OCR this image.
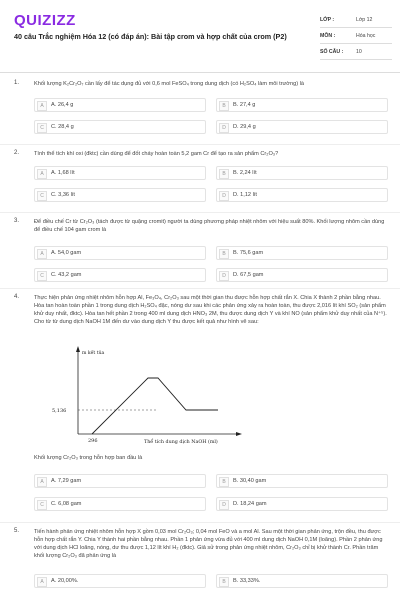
QUIZIZZ
40 câu Trắc nghiệm Hóa 12 (có đáp án): Bài tập crom và hợp chất của crom (P2)
LỚP :	Lớp 12
MÔN :	Hóa học
SỐ CÂU :	10
1.	Khối lượng K₂Cr₂O₇ cần lấy để tác dụng đủ với 0,6 mol FeSO₄ trong dung dịch (có H₂SO₄ làm môi trường) là
A	A. 26,4 g	B	B. 27,4 g
C	C. 28,4 g	D	D. 29,4 g
2.	Tính thể tích khí oxi (đktc) cần dùng để đốt cháy hoàn toàn 5,2 gam Cr để tạo ra sản phẩm Cr₂O₃?
A	A. 1,68 lít	B	B. 2,24 lít
C	C. 3,36 lít	D	D. 1,12 lít
3.	Để điều chế Cr từ Cr₂O₃ (tách được từ quặng cromit) người ta dùng phương pháp nhiệt nhôm với hiệu suất 80%. Khối lượng nhôm cần dùng để điều chế 104 gam crom là
A	A. 54,0 gam	B	B. 75,6 gam
C	C. 43,2 gam	D	D. 67,5 gam
4.	Thực hiện phản ứng nhiệt nhôm hỗn hợp Al, Fe₃O₄, Cr₂O₃ sau một thời gian thu được hỗn hợp chất rắn X. Chia X thành 2 phần bằng nhau. Hòa tan hoàn toàn phần 1 trong dung dịch H₂SO₄ đặc, nóng dư sau khi các phản ứng xảy ra hoàn toàn, thu được 2,016 lít khí SO₂ (sản phẩm khử duy nhất, đktc). Hòa tan hết phần 2 trong 400 ml dung dịch HNO₃ 2M, thu được dung dịch Y và khí NO (sản phẩm khử duy nhất của N⁺⁵). Cho từ từ dung dịch NaOH 1M đến dư vào dung dịch Y thu được kết quả như hình vẽ sau:
m kết tủa
5,136
296	Thể tích dung dịch NaOH (ml)
Khối lượng Cr₂O₃ trong hỗn hợp ban đầu là
A	A. 7,29 gam	B	B. 30,40 gam
C	C. 6,08 gam	D	D. 18,24 gam
5.	Tiến hành phản ứng nhiệt nhôm hỗn hợp X gồm 0,03 mol Cr₂O₃; 0,04 mol FeO và a mol Al. Sau một thời gian phản ứng, trộn đều, thu được hỗn hợp chất rắn Y. Chia Y thành hai phần bằng nhau. Phần 1 phản ứng vừa đủ với 400 ml dung dịch NaOH 0,1M (loãng). Phần 2 phản ứng với dung dịch HCl loãng, nóng, dư thu được 1,12 lít khí H₂ (đktc). Giả sử trong phản ứng nhiệt nhôm, Cr₂O₃ chỉ bị khử thành Cr. Phần trăm khối lượng Cr₂O₃ đã phản ứng là
A	A. 20,00%.	B	B. 33,33%.
